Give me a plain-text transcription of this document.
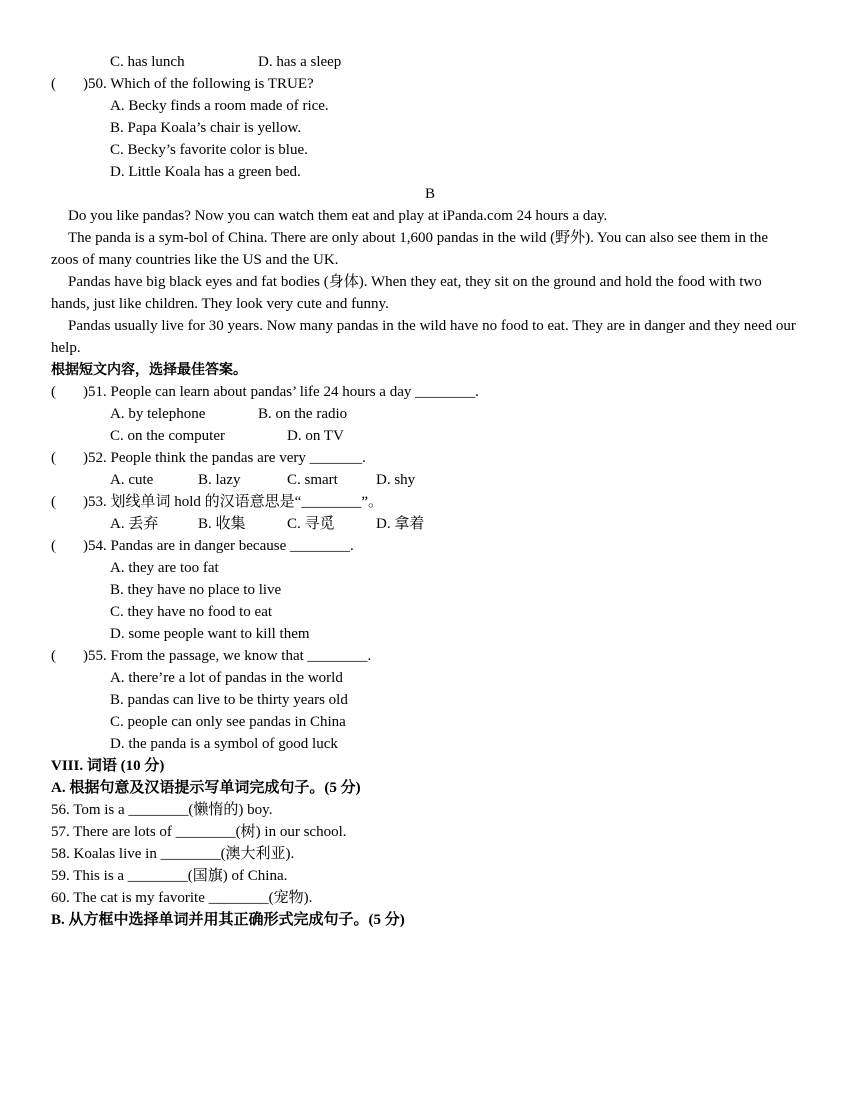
C. has lunch	D. has a sleep
( )50. Which of the following is TRUE?
A. Becky finds a room made of rice.
B. Papa Koala’s chair is yellow.
C. Becky’s favorite color is blue.
D. Little Koala has a green bed.
B
Do you like pandas? Now you can watch them eat and play at iPanda.com 24 hours a day.
The panda is a sym-bol of China. There are only about 1,600 pandas in the wild (野外). You can also see them in the zoos of many countries like the US and the UK.
Pandas have big black eyes and fat bodies (身体). When they eat, they sit on the ground and hold the food with two hands, just like children. They look very cute and funny.
Pandas usually live for 30 years. Now many pandas in the wild have no food to eat. They are in danger and they need our help.
根据短文内容，选择最佳答案。
( )51. People can learn about pandas’ life 24 hours a day ________.
A. by telephone	B. on the radio
C. on the computer	D. on TV
( )52. People think the pandas are very _______.
A. cute	B. lazy	C. smart	D. shy
( )53. 划线单词 hold 的汉语意思是“________”。
A. 丢弃	B. 收集	C. 寻觅	D. 拿着
( )54. Pandas are in danger because ________.
A. they are too fat
B. they have no place to live
C. they have no food to eat
D. some people want to kill them
( )55. From the passage, we know that ________.
A. there’re a lot of pandas in the world
B. pandas can live to be thirty years old
C. people can only see pandas in China
D. the panda is a symbol of good luck
VIII. 词语 (10 分)
A. 根据句意及汉语提示写单词完成句子。(5 分)
56. Tom is a ________(懒惰的) boy.
57. There are lots of ________(树) in our school.
58. Koalas live in ________(澳大利亚).
59. This is a ________(国旗) of China.
60. The cat is my favorite ________(宠物).
B. 从方框中选择单词并用其正确形式完成句子。(5 分)
